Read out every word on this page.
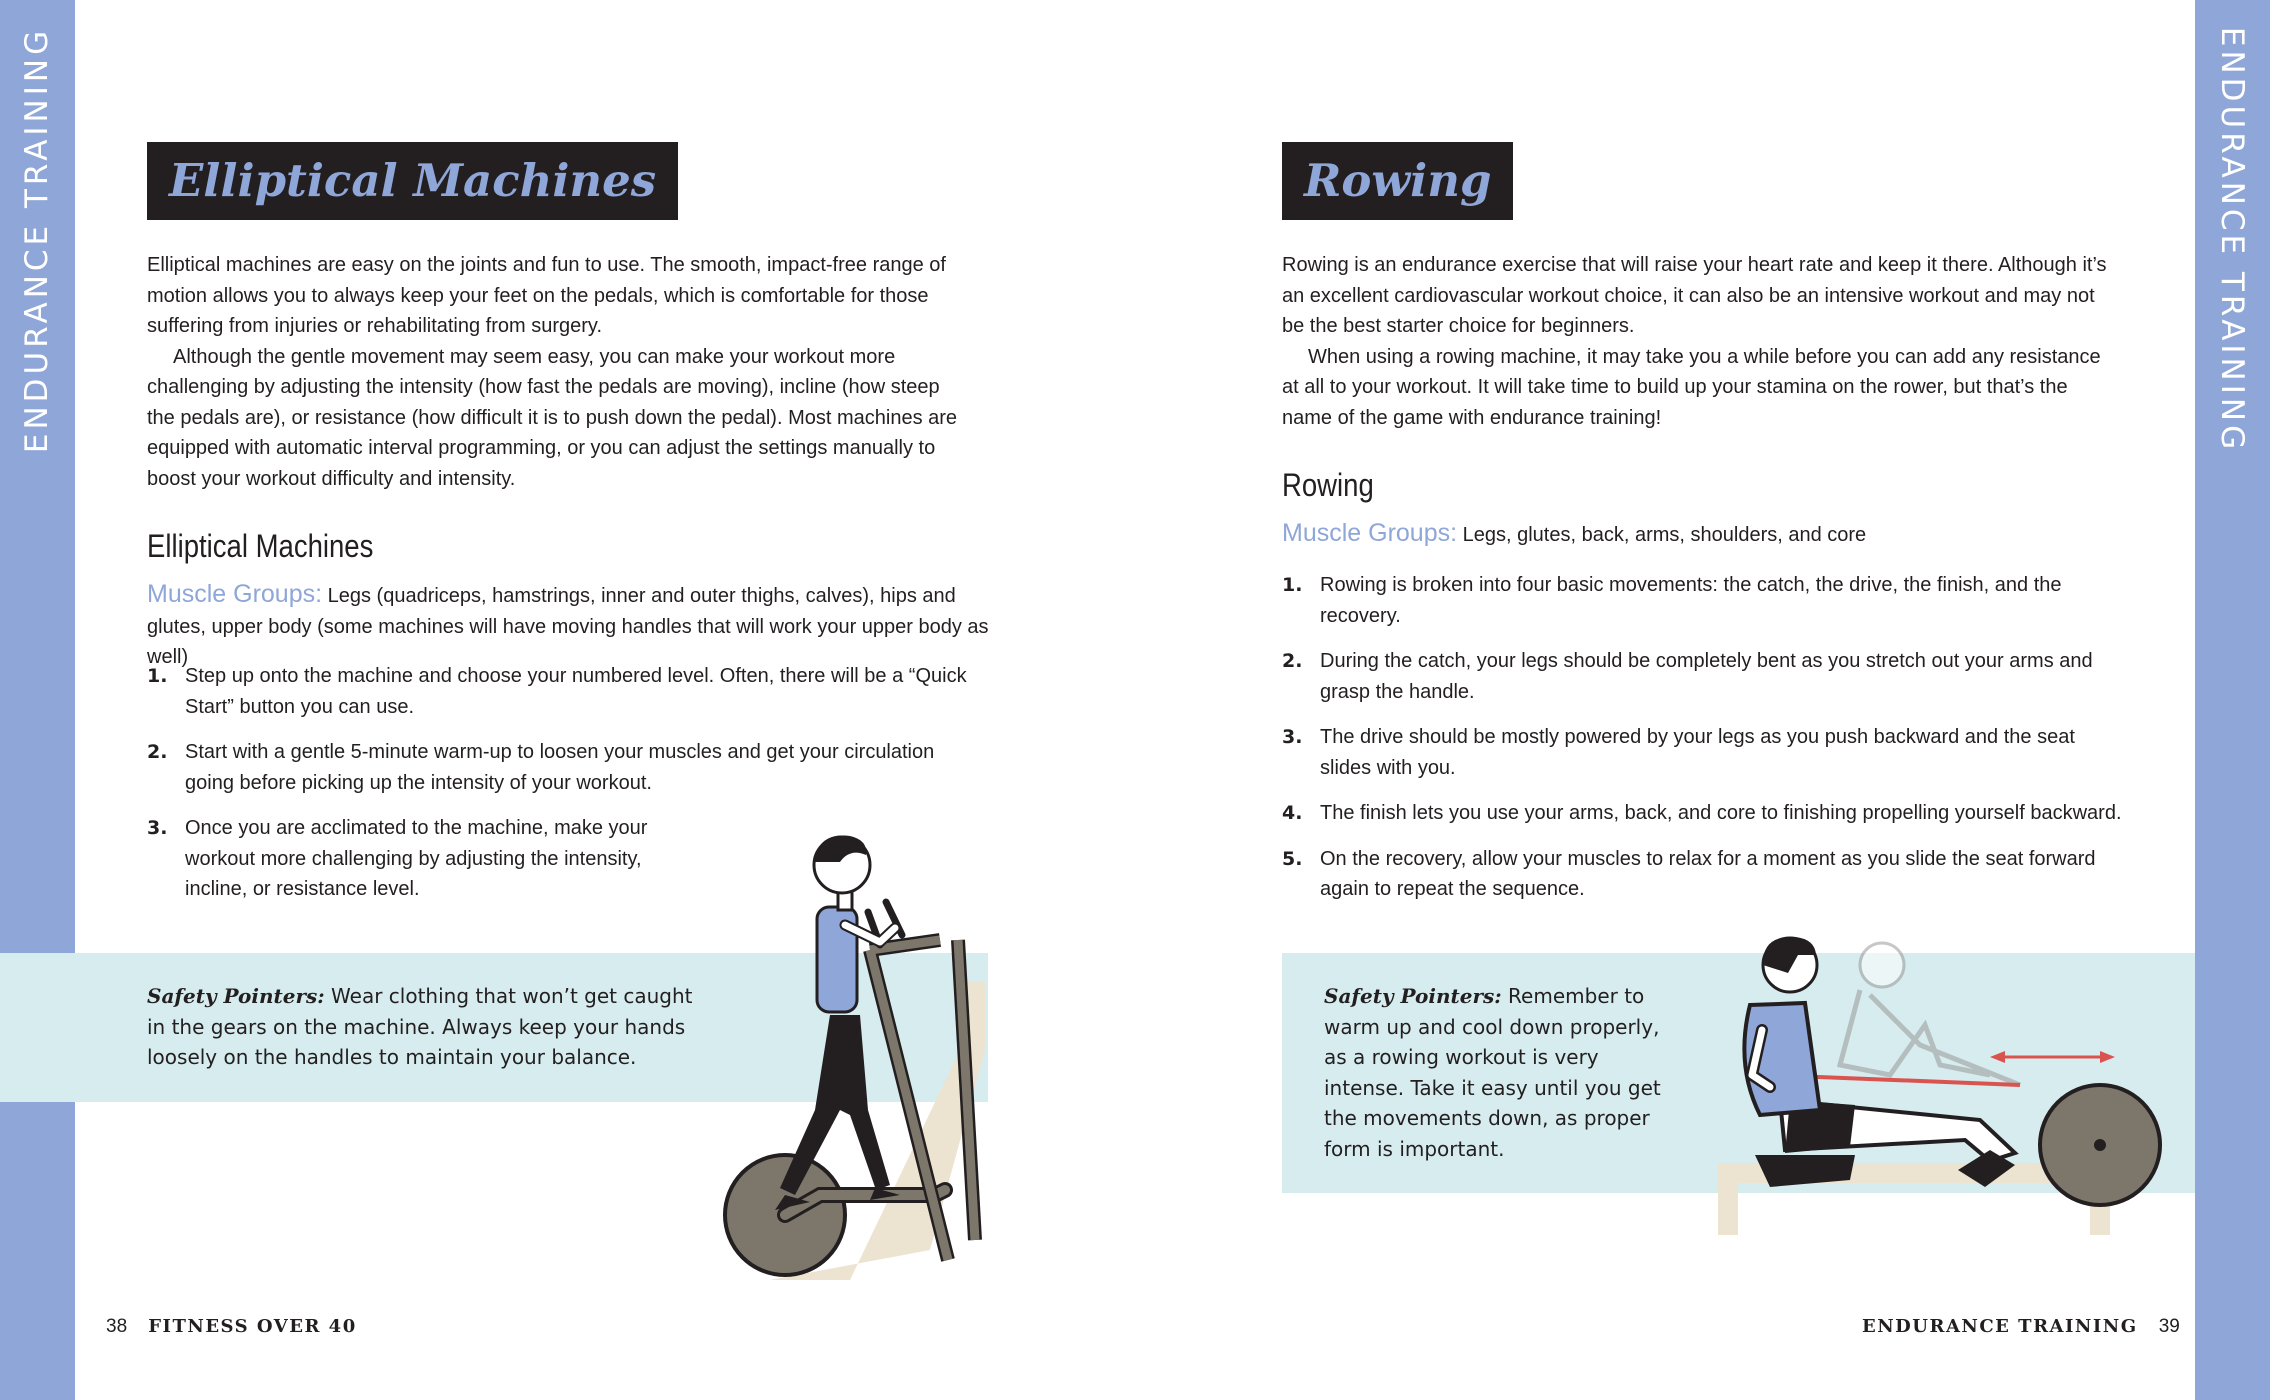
ENDURANCE TRAINING	Elliptical Machines

Elliptical machines are easy on the joints and fun to use. The smooth, impact-free range of motion allows you to always keep your feet on the pedals, which is comfortable for those suffering from injuries or rehabilitating from surgery.

Although the gentle movement may seem easy, you can make your workout more challenging by adjusting the intensity (how fast the pedals are moving), incline (how steep the pedals are), or resistance (how difficult it is to push down the pedal). Most machines are equipped with automatic interval programming, or you can adjust the settings manually to boost your workout difficulty and intensity.

Elliptical Machines
Muscle Groups: Legs (quadriceps, hamstrings, inner and outer thighs, calves), hips and glutes, upper body (some machines will have moving handles that will work your upper body as well)
1. Step up onto the machine and choose your numbered level. Often, there will be a “Quick Start” button you can use.
2. Start with a gentle 5-minute warm-up to loosen your muscles and get your circulation going before picking up the intensity of your workout.
3. Once you are acclimated to the machine, make your workout more challenging by adjusting the intensity, incline, or resistance level.
Safety Pointers: Wear clothing that won’t get caught in the gears on the machine. Always keep your hands loosely on the handles to maintain your balance.
38 FITNESS OVER 40
ENDURANCE TRAINING
Rowing

Rowing is an endurance exercise that will raise your heart rate and keep it there. Although it’s an excellent cardiovascular workout choice, it can also be an intensive workout and may not be the best starter choice for beginners.

When using a rowing machine, it may take you a while before you can add any resistance at all to your workout. It will take time to build up your stamina on the rower, but that’s the name of the game with endurance training!

Rowing
Muscle Groups: Legs, glutes, back, arms, shoulders, and core
1. Rowing is broken into four basic movements: the catch, the drive, the finish, and the recovery.
2. During the catch, your legs should be completely bent as you stretch out your arms and grasp the handle.
3. The drive should be mostly powered by your legs as you push backward and the seat slides with you.
4. The finish lets you use your arms, back, and core to finishing propelling yourself backward.
5. On the recovery, allow your muscles to relax for a moment as you slide the seat forward again to repeat the sequence.
Safety Pointers: Remember to warm up and cool down properly, as a rowing workout is very intense. Take it easy until you get the movements down, as proper form is important.
ENDURANCE TRAINING 39
